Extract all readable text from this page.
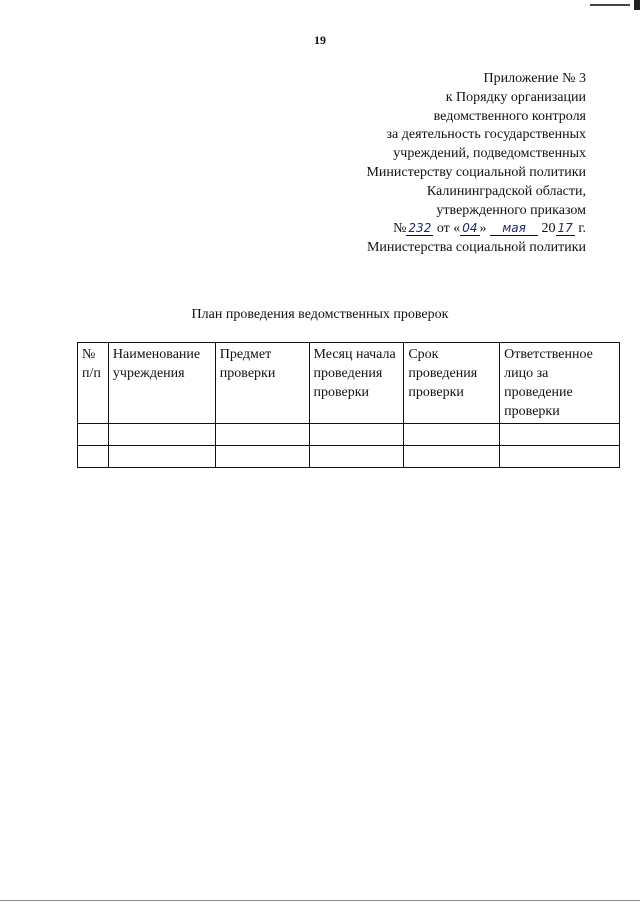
19
Приложение № 3
к Порядку организации
ведомственного контроля
за деятельность государственных
учреждений, подведомственных
Министерству социальной политики
Калининградской области,
утвержденного приказом
№ 232 от « 04 » мая 20 17 г.
Министерства социальной политики
План проведения ведомственных проверок
№ п/п	Наименование учреждения	Предмет проверки	Месяц начала проведения проверки	Срок проведения проверки	Ответственное лицо за проведение проверки
